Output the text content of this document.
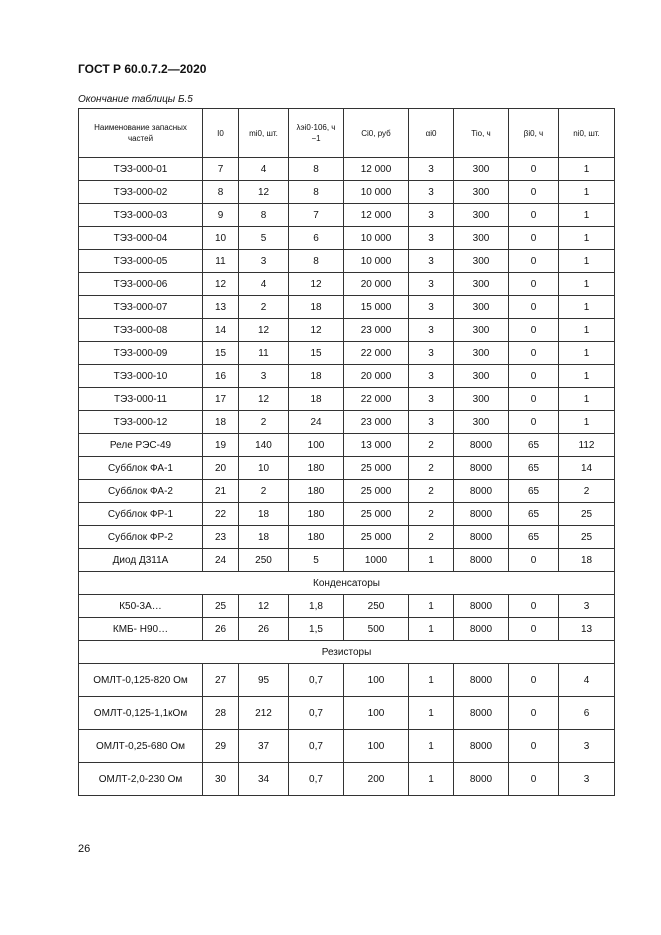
ГОСТ Р 60.0.7.2—2020
Окончание таблицы Б.5
Наименование запасных частей	I0	mi0, шт.	λэi0·106, ч −1	Ci0, руб	αi0	Tio, ч	βi0, ч	ni0, шт.
ТЭЗ-000-01	7	4	8	12 000	3	300	0	1
ТЭЗ-000-02	8	12	8	10 000	3	300	0	1
ТЭЗ-000-03	9	8	7	12 000	3	300	0	1
ТЭЗ-000-04	10	5	6	10 000	3	300	0	1
ТЭЗ-000-05	11	3	8	10 000	3	300	0	1
ТЭЗ-000-06	12	4	12	20 000	3	300	0	1
ТЭЗ-000-07	13	2	18	15 000	3	300	0	1
ТЭЗ-000-08	14	12	12	23 000	3	300	0	1
ТЭЗ-000-09	15	11	15	22 000	3	300	0	1
ТЭЗ-000-10	16	3	18	20 000	3	300	0	1
ТЭЗ-000-11	17	12	18	22 000	3	300	0	1
ТЭЗ-000-12	18	2	24	23 000	3	300	0	1
Реле РЭС-49	19	140	100	13 000	2	8000	65	112
Субблок ФА-1	20	10	180	25 000	2	8000	65	14
Субблок ФА-2	21	2	180	25 000	2	8000	65	2
Субблок ФР-1	22	18	180	25 000	2	8000	65	25
Субблок ФР-2	23	18	180	25 000	2	8000	65	25
Диод Д311А	24	250	5	1000	1	8000	0	18
Конденсаторы								
К50-3А…	25	12	1,8	250	1	8000	0	3
КМБ- Н90…	26	26	1,5	500	1	8000	0	13
Резисторы								
ОМЛТ-0,125-820 Ом	27	95	0,7	100	1	8000	0	4
ОМЛТ-0,125-1,1кОм	28	212	0,7	100	1	8000	0	6
ОМЛТ-0,25-680 Ом	29	37	0,7	100	1	8000	0	3
ОМЛТ-2,0-230 Ом	30	34	0,7	200	1	8000	0	3
26
